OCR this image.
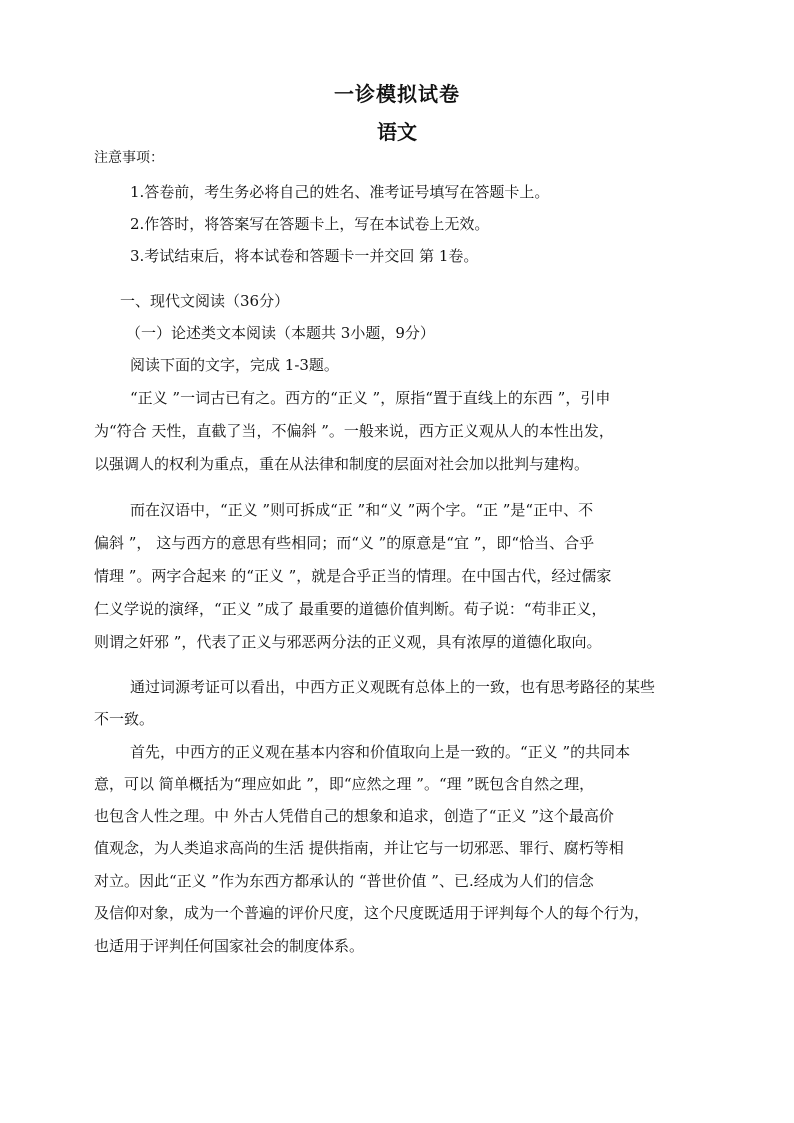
一诊模拟试卷
语文
注意事项：
1.答卷前，考生务必将自己的姓名、准考证号填写在答题卡上。
2.作答时，将答案写在答题卡上，写在本试卷上无效。
3.考试结束后，将本试卷和答题卡一并交回 第 1卷。
一、现代文阅读（36分）
（一）论述类文本阅读（本题共 3小题，9分）
阅读下面的文字，完成 1-3题。
“正义 ”一词古已有之。西方的“正义 ”，原指“置于直线上的东西 ”，引申
为“符合 天性，直截了当，不偏斜 ”。一般来说，西方正义观从人的本性出发，
以强调人的权利为重点，重在从法律和制度的层面对社会加以批判与建构。
而在汉语中，“正义 ”则可拆成“正 ”和“义 ”两个字。“正 ”是“正中、不
偏斜 ”， 这与西方的意思有些相同；而“义 ”的原意是“宜 ”，即“恰当、合乎
情理 ”。两字合起来 的“正义 ”，就是合乎正当的情理。在中国古代，经过儒家
仁义学说的演绎，“正义 ”成了 最重要的道德价值判断。荀子说：“苟非正义，
则谓之奸邪 ”，代表了正义与邪恶两分法的正义观，具有浓厚的道德化取向。
通过词源考证可以看出，中西方正义观既有总体上的一致，也有思考路径的某些
不一致。
首先，中西方的正义观在基本内容和价值取向上是一致的。“正义 ”的共同本
意，可以 简单概括为“理应如此 ”，即“应然之理 ”。“理 ”既包含自然之理，
也包含人性之理。中 外古人凭借自己的想象和追求，创造了“正义 ”这个最高价
值观念，为人类追求高尚的生活 提供指南，并让它与一切邪恶、罪行、腐朽等相
对立。因此“正义 ”作为东西方都承认的 “普世价值 ”、已.经成为人们的信念
及信仰对象，成为一个普遍的评价尺度，这个尺度既适用于评判每个人的每个行为，
也适用于评判任何国家社会的制度体系。
